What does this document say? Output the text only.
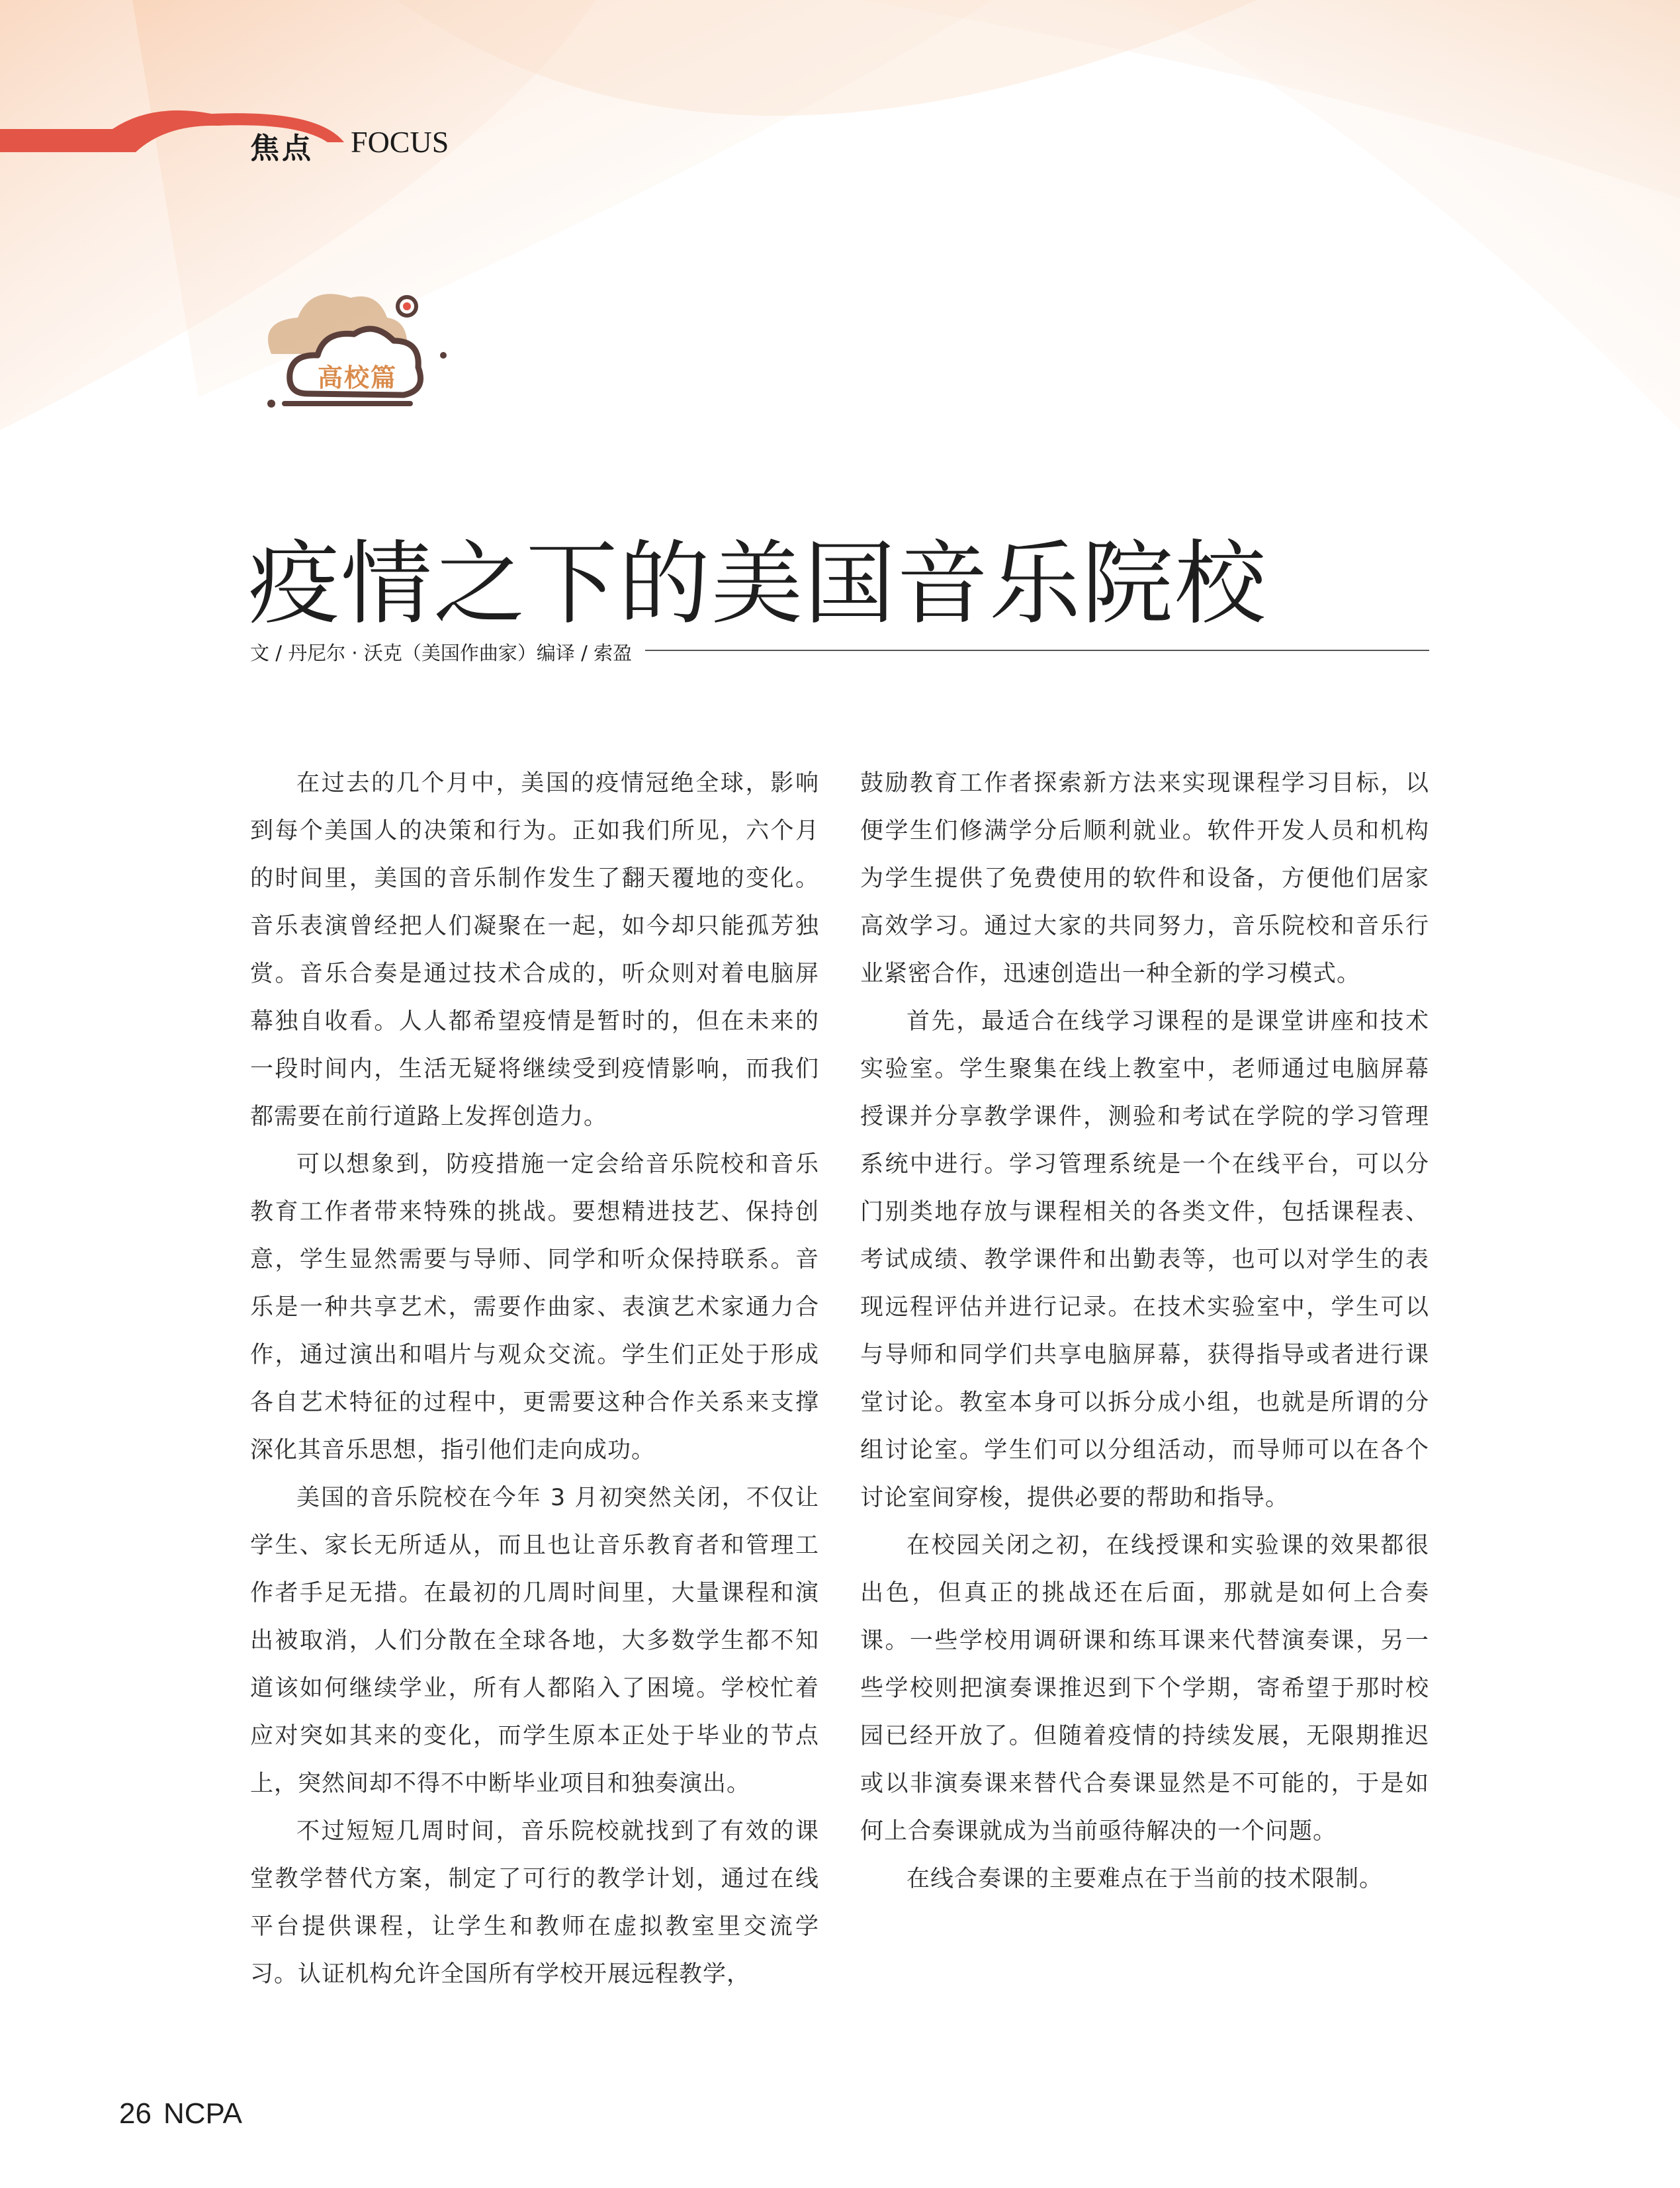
焦点 FOCUS
高校篇
疫情之下的美国音乐院校
文 / 丹尼尔 · 沃克（美国作曲家）编译 / 索盈

在过去的几个月中，美国的疫情冠绝全球，影响到每个美国人的决策和行为。正如我们所见，六个月的时间里，美国的音乐制作发生了翻天覆地的变化。音乐表演曾经把人们凝聚在一起，如今却只能孤芳独赏。音乐合奏是通过技术合成的，听众则对着电脑屏幕独自收看。人人都希望疫情是暂时的，但在未来的一段时间内，生活无疑将继续受到疫情影响，而我们都需要在前行道路上发挥创造力。

可以想象到，防疫措施一定会给音乐院校和音乐教育工作者带来特殊的挑战。要想精进技艺、保持创意，学生显然需要与导师、同学和听众保持联系。音乐是一种共享艺术，需要作曲家、表演艺术家通力合作，通过演出和唱片与观众交流。学生们正处于形成各自艺术特征的过程中，更需要这种合作关系来支撑深化其音乐思想，指引他们走向成功。

美国的音乐院校在今年 3 月初突然关闭，不仅让学生、家长无所适从，而且也让音乐教育者和管理工作者手足无措。在最初的几周时间里，大量课程和演出被取消，人们分散在全球各地，大多数学生都不知道该如何继续学业，所有人都陷入了困境。学校忙着应对突如其来的变化，而学生原本正处于毕业的节点上，突然间却不得不中断毕业项目和独奏演出。

不过短短几周时间，音乐院校就找到了有效的课堂教学替代方案，制定了可行的教学计划，通过在线平台提供课程，让学生和教师在虚拟教室里交流学习。认证机构允许全国所有学校开展远程教学，

鼓励教育工作者探索新方法来实现课程学习目标，以便学生们修满学分后顺利就业。软件开发人员和机构为学生提供了免费使用的软件和设备，方便他们居家高效学习。通过大家的共同努力，音乐院校和音乐行业紧密合作，迅速创造出一种全新的学习模式。

首先，最适合在线学习课程的是课堂讲座和技术实验室。学生聚集在线上教室中，老师通过电脑屏幕授课并分享教学课件，测验和考试在学院的学习管理系统中进行。学习管理系统是一个在线平台，可以分门别类地存放与课程相关的各类文件，包括课程表、考试成绩、教学课件和出勤表等，也可以对学生的表现远程评估并进行记录。在技术实验室中，学生可以与导师和同学们共享电脑屏幕，获得指导或者进行课堂讨论。教室本身可以拆分成小组，也就是所谓的分组讨论室。学生们可以分组活动，而导师可以在各个讨论室间穿梭，提供必要的帮助和指导。

在校园关闭之初，在线授课和实验课的效果都很出色，但真正的挑战还在后面，那就是如何上合奏课。一些学校用调研课和练耳课来代替演奏课，另一些学校则把演奏课推迟到下个学期，寄希望于那时校园已经开放了。但随着疫情的持续发展，无限期推迟或以非演奏课来替代合奏课显然是不可能的，于是如何上合奏课就成为当前亟待解决的一个问题。

在线合奏课的主要难点在于当前的技术限制。

26 NCPA
